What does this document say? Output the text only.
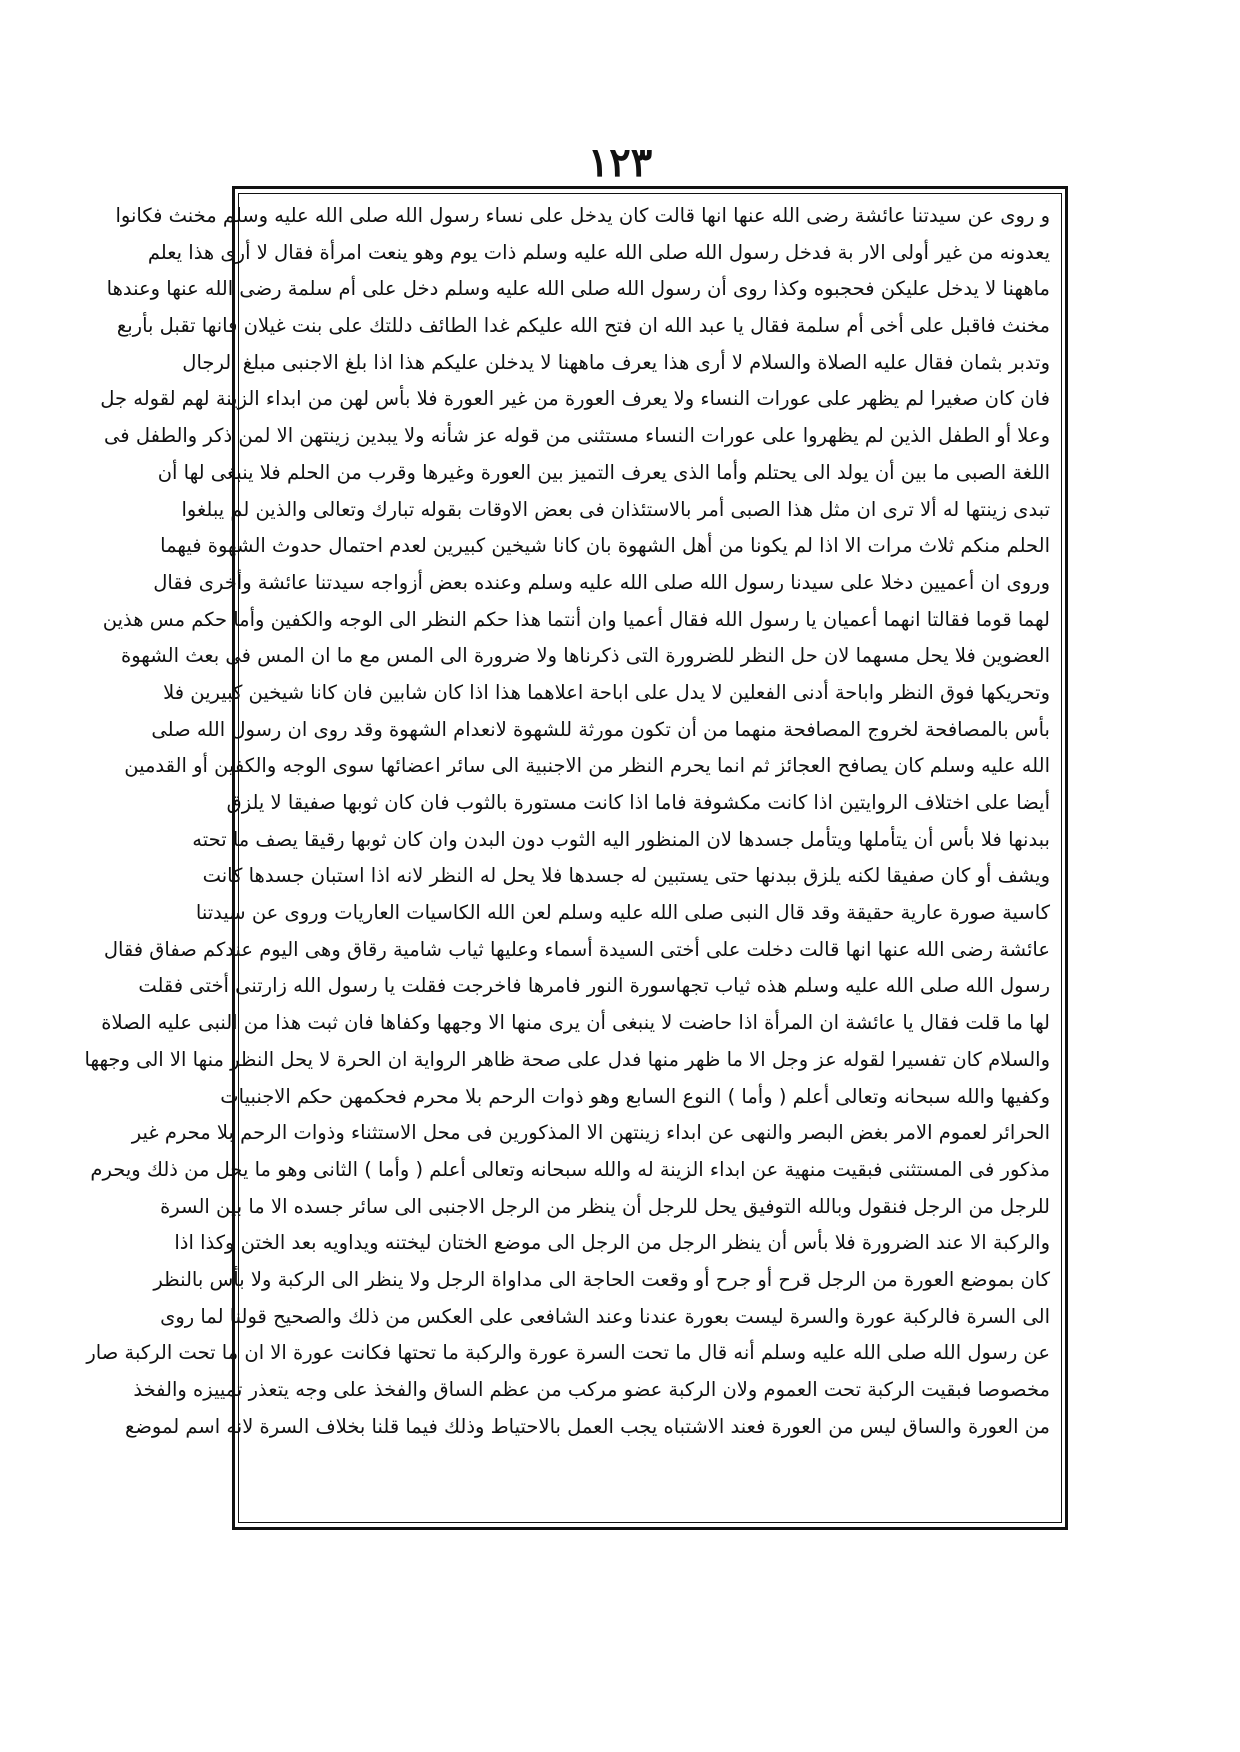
١٢٣
و روى عن سيدتنا عائشة رضى الله عنها انها قالت كان يدخل على نساء رسول الله صلى الله عليه وسلم مخنث فكانوا
يعدونه من غير أولى الار بة فدخل رسول الله صلى الله عليه وسلم ذات يوم وهو ينعت امرأة فقال لا أرى هذا يعلم
ماههنا لا يدخل عليكن فحجبوه وكذا روى أن رسول الله صلى الله عليه وسلم دخل على أم سلمة رضى الله عنها وعندها
مخنث فاقبل على أخى أم سلمة فقال يا عبد الله ان فتح الله عليكم غدا الطائف دللتك على بنت غيلان فانها تقبل بأربع
وتدبر بثمان فقال عليه الصلاة والسلام لا أرى هذا يعرف ماههنا لا يدخلن عليكم هذا اذا بلغ الاجنبى مبلغ الرجال
فان كان صغيرا لم يظهر على عورات النساء ولا يعرف العورة من غير العورة فلا بأس لهن من ابداء الزينة لهم لقوله جل
وعلا أو الطفل الذين لم يظهروا على عورات النساء مستثنى من قوله عز شأنه ولا يبدين زينتهن الا لمن ذكر والطفل فى
اللغة الصبى ما بين أن يولد الى يحتلم وأما الذى يعرف التميز بين العورة وغيرها وقرب من الحلم فلا ينبغى لها أن
تبدى زينتها له ألا ترى ان مثل هذا الصبى أمر بالاستئذان فى بعض الاوقات بقوله تبارك وتعالى والذين لم يبلغوا
الحلم منكم ثلاث مرات الا اذا لم يكونا من أهل الشهوة بان كانا شيخين كبيرين لعدم احتمال حدوث الشهوة فيهما
وروى ان أعميين دخلا على سيدنا رسول الله صلى الله عليه وسلم وعنده بعض أزواجه سيدتنا عائشة وأخرى فقال
لهما قوما فقالتا انهما أعميان يا رسول الله فقال أعميا وان أنتما هذا حكم النظر الى الوجه والكفين وأما حكم مس هذين
العضوين فلا يحل مسهما لان حل النظر للضرورة التى ذكرناها ولا ضرورة الى المس مع ما ان المس فى بعث الشهوة
وتحريكها فوق النظر واباحة أدنى الفعلين لا يدل على اباحة اعلاهما هذا اذا كان شابين فان كانا شيخين كبيرين فلا
بأس بالمصافحة لخروج المصافحة منهما من أن تكون مورثة للشهوة لانعدام الشهوة وقد روى ان رسول الله صلى
الله عليه وسلم كان يصافح العجائز ثم انما يحرم النظر من الاجنبية الى سائر اعضائها سوى الوجه والكفين أو القدمين
أيضا على اختلاف الروايتين اذا كانت مكشوفة فاما اذا كانت مستورة بالثوب فان كان ثوبها صفيقا لا يلزق
ببدنها فلا بأس أن يتأملها ويتأمل جسدها لان المنظور اليه الثوب دون البدن وان كان ثوبها رقيقا يصف ما تحته
ويشف أو كان صفيقا لكنه يلزق ببدنها حتى يستبين له جسدها فلا يحل له النظر لانه اذا استبان جسدها كانت
كاسية صورة عارية حقيقة وقد قال النبى صلى الله عليه وسلم لعن الله الكاسيات العاريات وروى عن سيدتنا
عائشة رضى الله عنها انها قالت دخلت على أختى السيدة أسماء وعليها ثياب شامية رقاق وهى اليوم عندكم صفاق فقال
رسول الله صلى الله عليه وسلم هذه ثياب تجهاسورة النور فامرها فاخرجت فقلت يا رسول الله زارتنى أختى فقلت
لها ما قلت فقال يا عائشة ان المرأة اذا حاضت لا ينبغى أن يرى منها الا وجهها وكفاها فان ثبت هذا من النبى عليه الصلاة
والسلام كان تفسيرا لقوله عز وجل الا ما ظهر منها فدل على صحة ظاهر الرواية ان الحرة لا يحل النظر منها الا الى وجهها
وكفيها والله سبحانه وتعالى أعلم ( وأما ) النوع السابع وهو ذوات الرحم بلا محرم فحكمهن حكم الاجنبيات
الحرائر لعموم الامر بغض البصر والنهى عن ابداء زينتهن الا المذكورين فى محل الاستثناء وذوات الرحم بلا محرم غير
مذكور فى المستثنى فبقيت منهية عن ابداء الزينة له والله سبحانه وتعالى أعلم ( وأما ) الثانى وهو ما يحل من ذلك ويحرم
للرجل من الرجل فنقول وبالله التوفيق يحل للرجل أن ينظر من الرجل الاجنبى الى سائر جسده الا ما بين السرة
والركبة الا عند الضرورة فلا بأس أن ينظر الرجل من الرجل الى موضع الختان ليختنه ويداويه بعد الختن وكذا اذا
كان بموضع العورة من الرجل قرح أو جرح أو وقعت الحاجة الى مداواة الرجل ولا ينظر الى الركبة ولا بأس بالنظر
الى السرة فالركبة عورة والسرة ليست بعورة عندنا وعند الشافعى على العكس من ذلك والصحيح قولنا لما روى
عن رسول الله صلى الله عليه وسلم أنه قال ما تحت السرة عورة والركبة ما تحتها فكانت عورة الا ان ما تحت الركبة صار
مخصوصا فبقيت الركبة تحت العموم ولان الركبة عضو مركب من عظم الساق والفخذ على وجه يتعذر تمييزه والفخذ
من العورة والساق ليس من العورة فعند الاشتباه يجب العمل بالاحتياط وذلك فيما قلنا بخلاف السرة لانه اسم لموضع
